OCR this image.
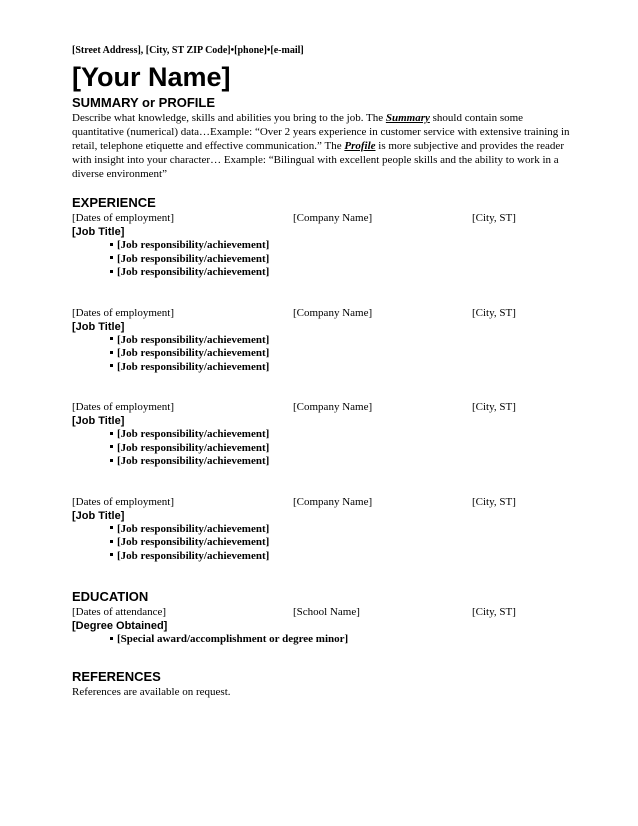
[Street Address], [City, ST ZIP Code]•[phone]•[e-mail]
[Your Name]
SUMMARY or PROFILE
Describe what knowledge, skills and abilities you bring to the job. The Summary should contain some quantitative (numerical) data…Example: “Over 2 years experience in customer service with extensive training in retail, telephone etiquette and effective communication.” The Profile is more subjective and provides the reader with insight into your character… Example: “Bilingual with excellent people skills and the ability to work in a diverse environment”
EXPERIENCE
[Dates of employment]	[Company Name]	[City, ST]
[Job Title]
[Job responsibility/achievement]
[Job responsibility/achievement]
[Job responsibility/achievement]
[Dates of employment]	[Company Name]	[City, ST]
[Job Title]
[Job responsibility/achievement]
[Job responsibility/achievement]
[Job responsibility/achievement]
[Dates of employment]	[Company Name]	[City, ST]
[Job Title]
[Job responsibility/achievement]
[Job responsibility/achievement]
[Job responsibility/achievement]
[Dates of employment]	[Company Name]	[City, ST]
[Job Title]
[Job responsibility/achievement]
[Job responsibility/achievement]
[Job responsibility/achievement]
EDUCATION
[Dates of attendance]	[School Name]	[City, ST]
[Degree Obtained]
[Special award/accomplishment or degree minor]
REFERENCES
References are available on request.
